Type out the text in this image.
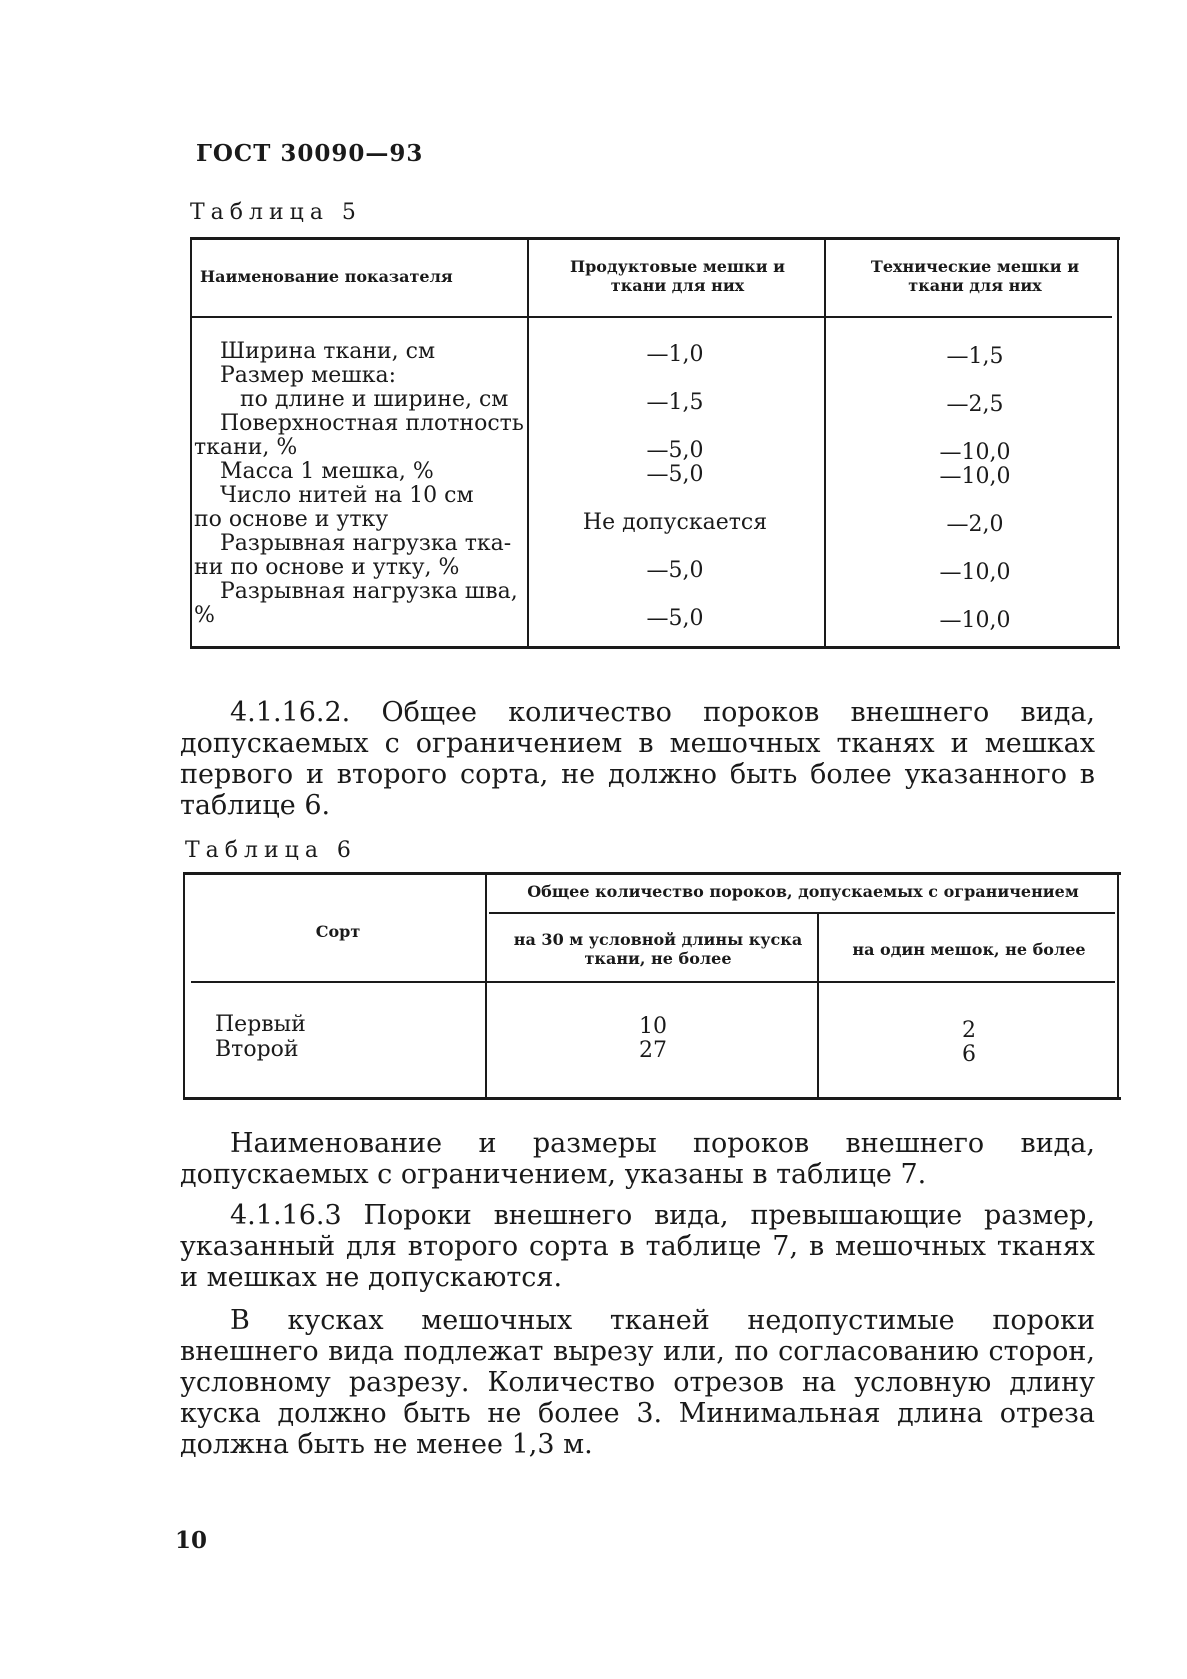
ГОСТ 30090—93
Таблица 5
Наименование показателя
Продуктовые мешки и ткани для них
Технические мешки и ткани для них
Ширина ткани, см
Размер мешка:
по длине и ширине, см
Поверхностная плотность
ткани, %
Масса 1 мешка, %
Число нитей на 10 см
по основе и утку
Разрывная нагрузка тка-
ни по основе и утку, %
Разрывная нагрузка шва,
%
—1,0
—1,5
—5,0
—5,0
Не допускается
—5,0
—5,0
—1,5
—2,5
—10,0
—10,0
—2,0
—10,0
—10,0

4.1.16.2. Общее количество пороков внешнего вида, допускаемых с ограничением в мешочных тканях и мешках первого и второго сорта, не должно быть более указанного в таблице 6.

Таблица 6
Сорт
Общее количество пороков, допускаемых с ограничением
на 30 м условной длины куска ткани, не более	на один мешок, не более
Первый
Второй
10
27
2
6

Наименование и размеры пороков внешнего вида, допускаемых с ограничением, указаны в таблице 7.

4.1.16.3 Пороки внешнего вида, превышающие размер, указанный для второго сорта в таблице 7, в мешочных тканях и мешках не допускаются.

В кусках мешочных тканей недопустимые пороки внешнего вида подлежат вырезу или, по согласованию сторон, условному разрезу. Количество отрезов на условную длину куска должно быть не более 3. Минимальная длина отреза должна быть не менее 1,3 м.

10
